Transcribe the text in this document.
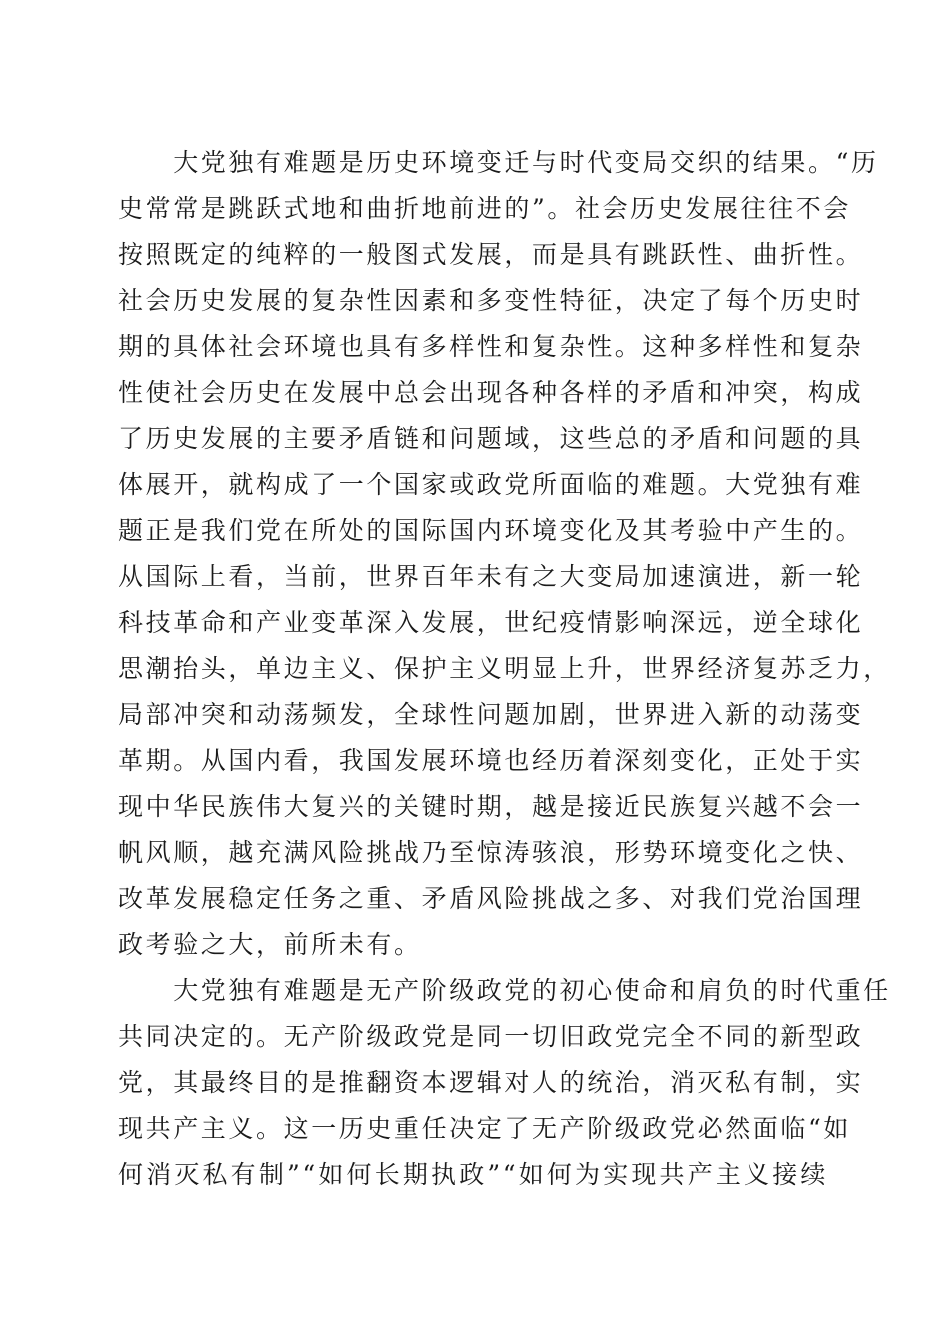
　　大党独有难题是历史环境变迁与时代变局交织的结果。“历
史常常是跳跃式地和曲折地前进的”。社会历史发展往往不会
按照既定的纯粹的一般图式发展，而是具有跳跃性、曲折性。
社会历史发展的复杂性因素和多变性特征，决定了每个历史时
期的具体社会环境也具有多样性和复杂性。这种多样性和复杂
性使社会历史在发展中总会出现各种各样的矛盾和冲突，构成
了历史发展的主要矛盾链和问题域，这些总的矛盾和问题的具
体展开，就构成了一个国家或政党所面临的难题。大党独有难
题正是我们党在所处的国际国内环境变化及其考验中产生的。
从国际上看，当前，世界百年未有之大变局加速演进，新一轮
科技革命和产业变革深入发展，世纪疫情影响深远，逆全球化
思潮抬头，单边主义、保护主义明显上升，世界经济复苏乏力，
局部冲突和动荡频发，全球性问题加剧，世界进入新的动荡变
革期。从国内看，我国发展环境也经历着深刻变化，正处于实
现中华民族伟大复兴的关键时期，越是接近民族复兴越不会一
帆风顺，越充满风险挑战乃至惊涛骇浪，形势环境变化之快、
改革发展稳定任务之重、矛盾风险挑战之多、对我们党治国理
政考验之大，前所未有。
　　大党独有难题是无产阶级政党的初心使命和肩负的时代重任
共同决定的。无产阶级政党是同一切旧政党完全不同的新型政
党，其最终目的是推翻资本逻辑对人的统治，消灭私有制，实
现共产主义。这一历史重任决定了无产阶级政党必然面临“如
何消灭私有制”“如何长期执政”“如何为实现共产主义接续
